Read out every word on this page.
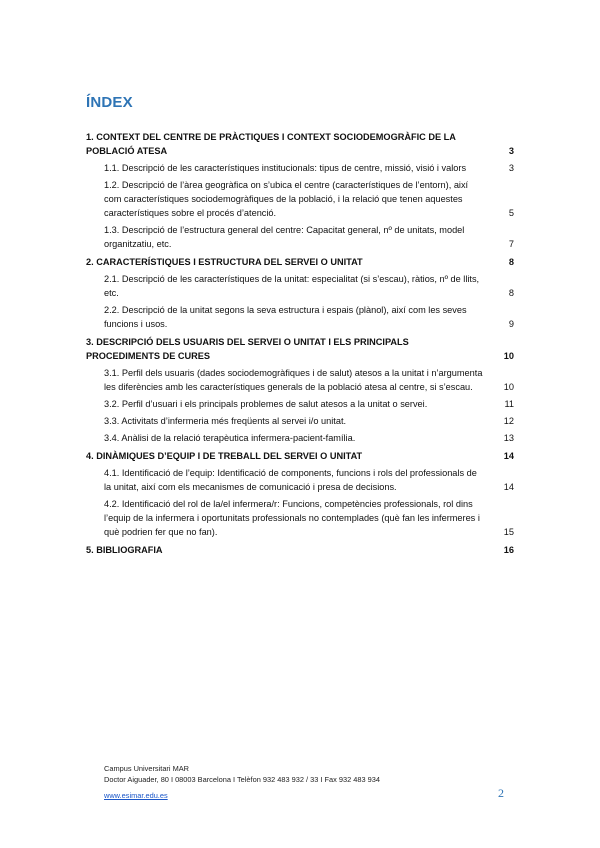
ÍNDEX
1. CONTEXT DEL CENTRE DE PRÀCTIQUES I CONTEXT SOCIODEMOGRÀFIC DE LA POBLACIÓ ATESA	3
1.1. Descripció de les característiques institucionals: tipus de centre, missió, visió i valors	3
1.2. Descripció de l’àrea geogràfica on s’ubica el centre (característiques de l’entorn), així com característiques sociodemogràfiques de la població, i la relació que tenen aquestes característiques sobre el procés d’atenció.	5
1.3. Descripció de l’estructura general del centre: Capacitat general, nº de unitats, model organitzatiu, etc.	7
2. CARACTERÍSTIQUES I ESTRUCTURA DEL SERVEI O UNITAT	8
2.1. Descripció de les característiques de la unitat: especialitat (si s’escau), ràtios, nº de llits, etc.	8
2.2. Descripció de la unitat segons la seva estructura i espais (plànol), així com les seves funcions i usos.	9
3. DESCRIPCIÓ DELS USUARIS DEL SERVEI O UNITAT I ELS PRINCIPALS PROCEDIMENTS DE CURES	10
3.1. Perfil dels usuaris (dades sociodemogràfiques i de salut) atesos a la unitat i n’argumenta les diferències amb les característiques generals de la població atesa al centre, si s’escau.	10
3.2. Perfil d’usuari i els principals problemes de salut atesos a la unitat o servei.	11
3.3. Activitats d’infermeria més freqüents al servei i/o unitat.	12
3.4. Anàlisi de la relació terapèutica infermera-pacient-família.	13
4. DINÀMIQUES D’EQUIP I DE TREBALL DEL SERVEI O UNITAT	14
4.1. Identificació de l’equip: Identificació de components, funcions i rols del professionals de la unitat, així com els mecanismes de comunicació i presa de decisions.	14
4.2. Identificació del rol de la/el infermera/r: Funcions, competències professionals, rol dins l’equip de la infermera i oportunitats professionals no contemplades (què fan les infermeres i què podrien fer que no fan).	15
5. BIBLIOGRAFIA	16
Campus Universitari MAR
Doctor Aiguader, 80 I 08003 Barcelona I Telèfon 932 483 932 / 33 I Fax 932 483 934
www.esimar.edu.es	2
